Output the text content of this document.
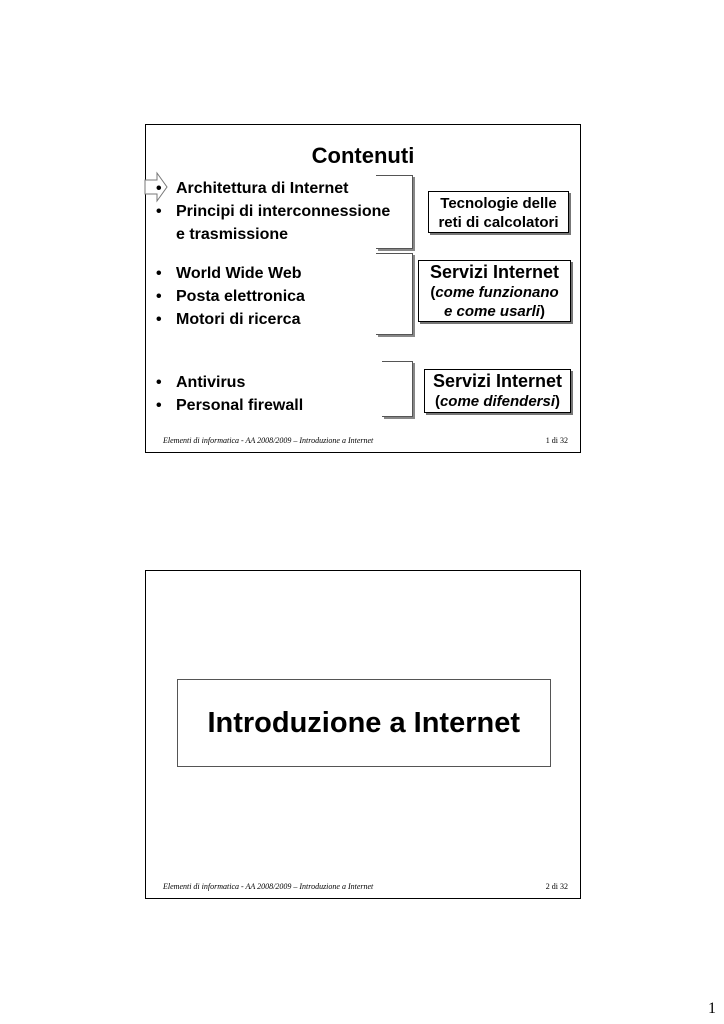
Contenuti
• Architettura di Internet
• Principi di interconnessione
e trasmissione
• World Wide Web
• Posta elettronica
• Motori di ricerca
• Antivirus
• Personal firewall
Tecnologie delle
reti di calcolatori
Servizi Internet
(come funzionano
e come usarli)
Servizi Internet
(come difendersi)
Elementi di informatica - AA 2008/2009 – Introduzione a Internet	1 di 32
Introduzione a Internet
Elementi di informatica - AA 2008/2009 – Introduzione a Internet	2 di 32
1
